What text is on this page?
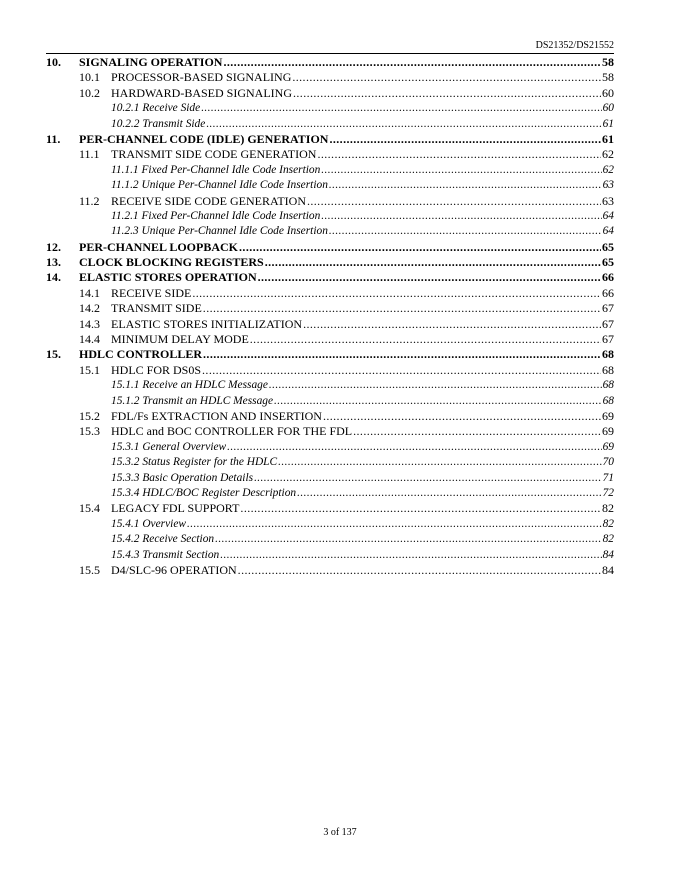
DS21352/DS21552
10.	SIGNALING OPERATION .....	58
10.1 PROCESSOR-BASED SIGNALING .....	58
10.2 HARDWARD-BASED SIGNALING .....	60
10.2.1 Receive Side .....	60
10.2.2 Transmit Side .....	61
11.	PER-CHANNEL CODE (IDLE) GENERATION .....	61
11.1 TRANSMIT SIDE CODE GENERATION .....	62
11.1.1 Fixed Per-Channel Idle Code Insertion .....	62
11.1.2 Unique Per-Channel Idle Code Insertion .....	63
11.2 RECEIVE SIDE CODE GENERATION .....	63
11.2.1 Fixed Per-Channel Idle Code Insertion .....	64
11.2.3 Unique Per-Channel Idle Code Insertion .....	64
12.	PER-CHANNEL LOOPBACK .....	65
13.	CLOCK BLOCKING REGISTERS .....	65
14.	ELASTIC STORES OPERATION .....	66
14.1 RECEIVE SIDE .....	66
14.2 TRANSMIT SIDE .....	67
14.3 ELASTIC STORES INITIALIZATION .....	67
14.4 MINIMUM DELAY MODE .....	67
15.	HDLC CONTROLLER .....	68
15.1 HDLC FOR DS0S .....	68
15.1.1 Receive an HDLC Message .....	68
15.1.2 Transmit an HDLC Message .....	68
15.2 FDL/Fs EXTRACTION AND INSERTION .....	69
15.3 HDLC and BOC CONTROLLER FOR THE FDL .....	69
15.3.1 General Overview .....	69
15.3.2 Status Register for the HDLC .....	70
15.3.3 Basic Operation Details .....	71
15.3.4 HDLC/BOC Register Description .....	72
15.4 LEGACY FDL SUPPORT .....	82
15.4.1 Overview .....	82
15.4.2 Receive Section .....	82
15.4.3 Transmit Section .....	84
15.5 D4/SLC-96 OPERATION .....	84
3 of 137
